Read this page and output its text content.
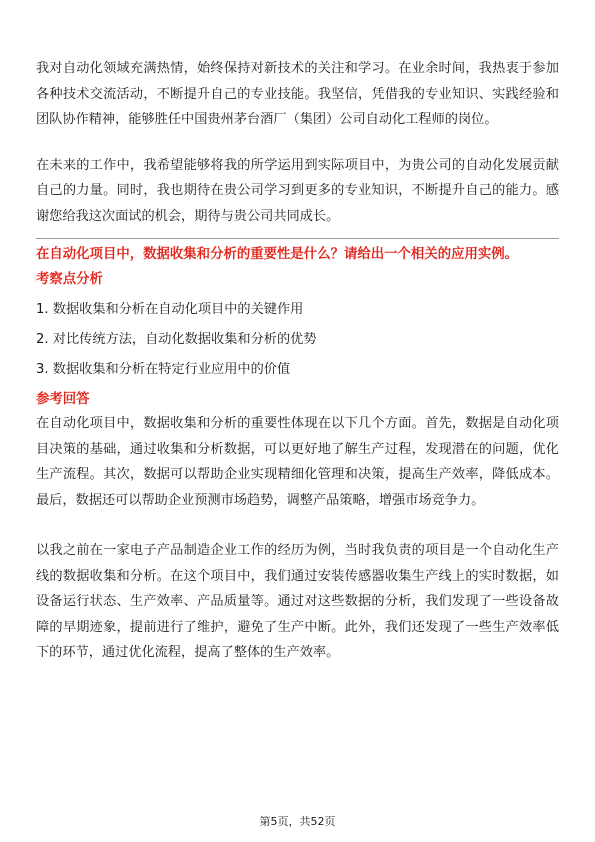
我对自动化领域充满热情，始终保持对新技术的关注和学习。在业余时间，我热衷于参加各种技术交流活动，不断提升自己的专业技能。我坚信，凭借我的专业知识、实践经验和团队协作精神，能够胜任中国贵州茅台酒厂（集团）公司自动化工程师的岗位。

在未来的工作中，我希望能够将我的所学运用到实际项目中，为贵公司的自动化发展贡献自己的力量。同时，我也期待在贵公司学习到更多的专业知识，不断提升自己的能力。感谢您给我这次面试的机会，期待与贵公司共同成长。

在自动化项目中，数据收集和分析的重要性是什么？请给出一个相关的应用实例。

考察点分析

1. 数据收集和分析在自动化项目中的关键作用
2. 对比传统方法，自动化数据收集和分析的优势
3. 数据收集和分析在特定行业应用中的价值

参考回答

在自动化项目中，数据收集和分析的重要性体现在以下几个方面。首先，数据是自动化项目决策的基础，通过收集和分析数据，可以更好地了解生产过程，发现潜在的问题，优化生产流程。其次，数据可以帮助企业实现精细化管理和决策，提高生产效率，降低成本。最后，数据还可以帮助企业预测市场趋势，调整产品策略，增强市场竞争力。

以我之前在一家电子产品制造企业工作的经历为例，当时我负责的项目是一个自动化生产线的数据收集和分析。在这个项目中，我们通过安装传感器收集生产线上的实时数据，如设备运行状态、生产效率、产品质量等。通过对这些数据的分析，我们发现了一些设备故障的早期迹象，提前进行了维护，避免了生产中断。此外，我们还发现了一些生产效率低下的环节，通过优化流程，提高了整体的生产效率。

第5页，共52页
